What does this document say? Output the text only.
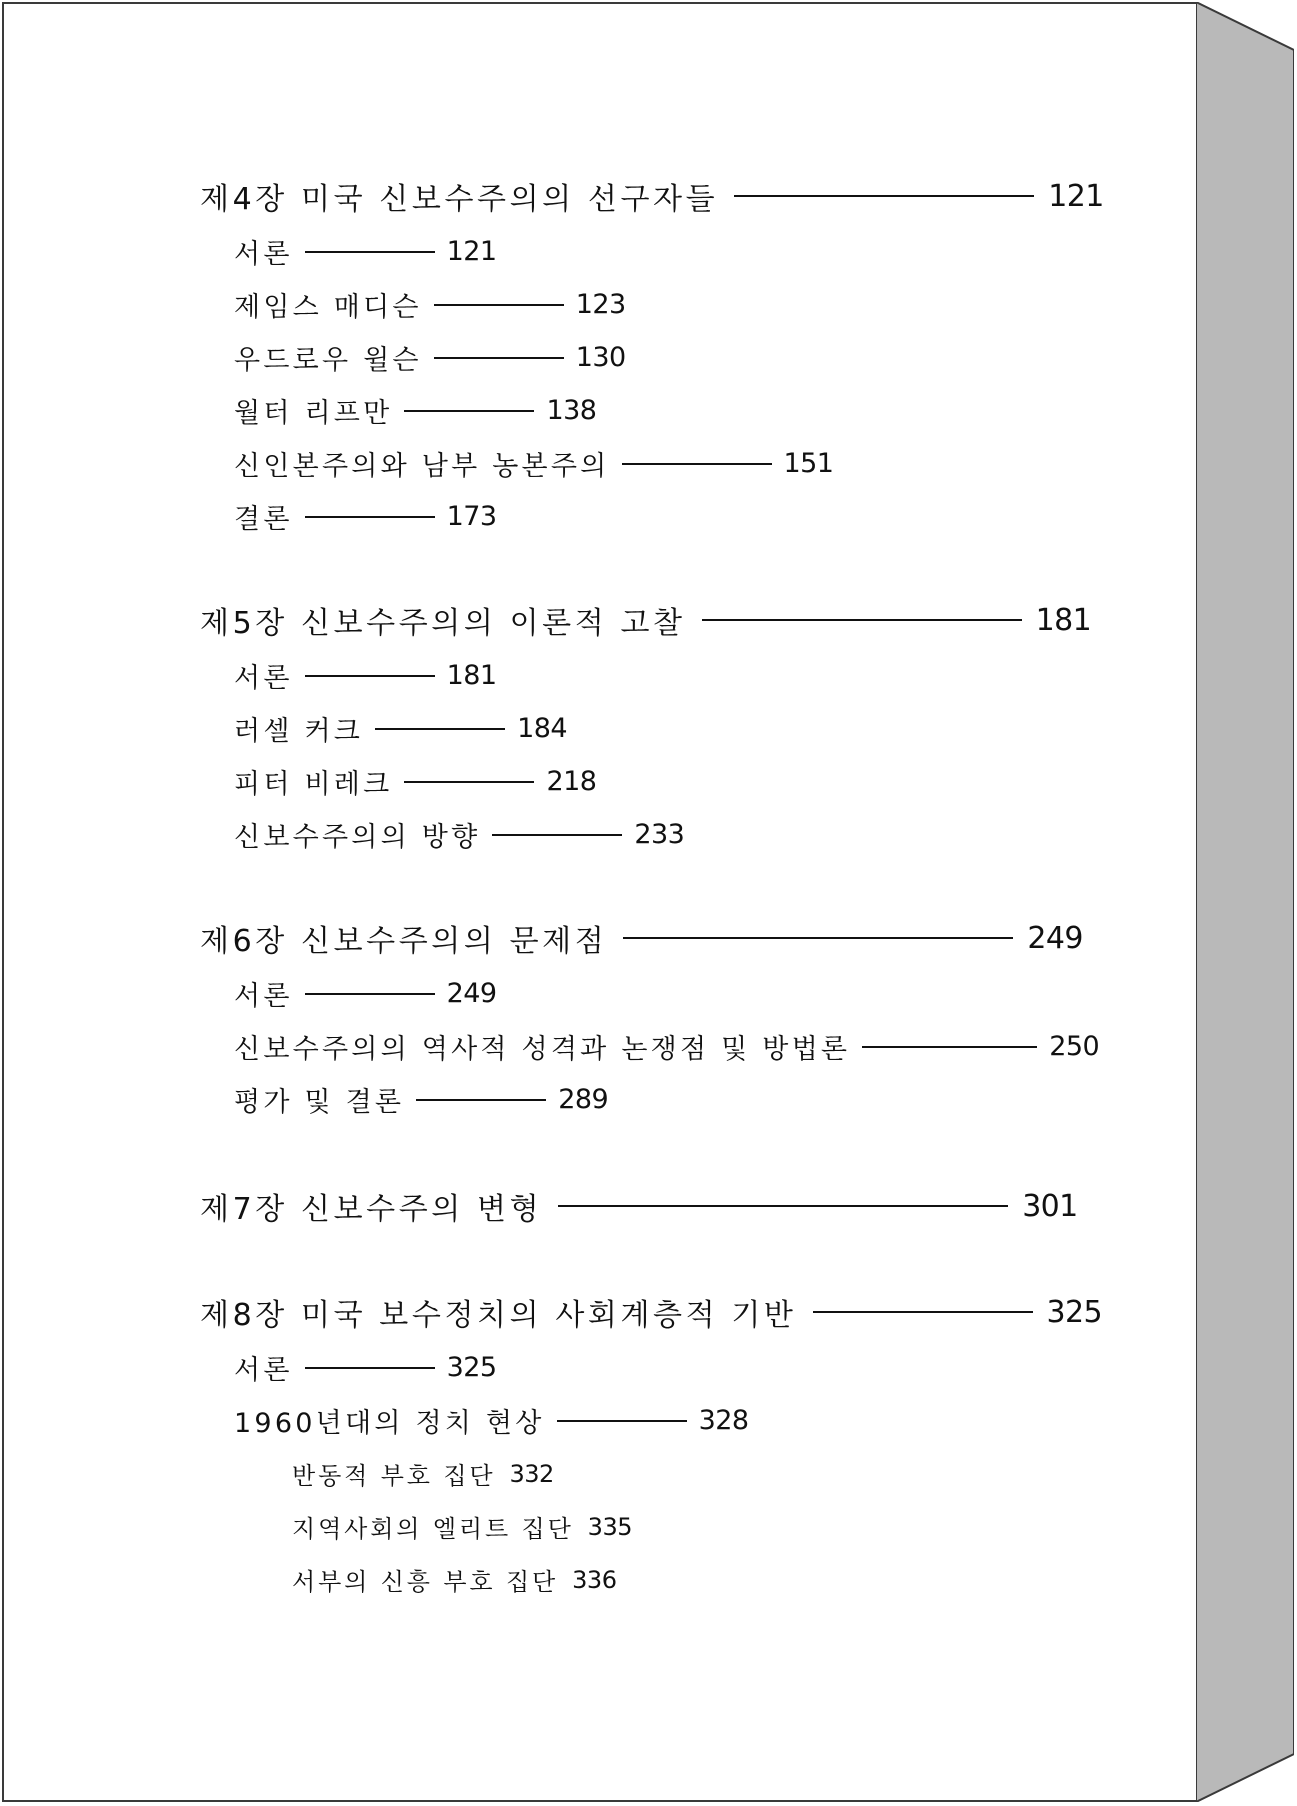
제4장 미국 신보수주의의 선구자들	121
서론	121
제임스 매디슨	123
우드로우 윌슨	130
월터 리프만	138
신인본주의와 남부 농본주의	151
결론	173
제5장 신보수주의의 이론적 고찰	181
서론	181
러셀 커크	184
피터 비레크	218
신보수주의의 방향	233
제6장 신보수주의의 문제점	249
서론	249
신보수주의의 역사적 성격과 논쟁점 및 방법론	250
평가 및 결론	289
제7장 신보수주의 변형	301
제8장 미국 보수정치의 사회계층적 기반	325
서론	325
1960년대의 정치 현상	328
반동적 부호 집단 332
지역사회의 엘리트 집단 335
서부의 신흥 부호 집단 336
